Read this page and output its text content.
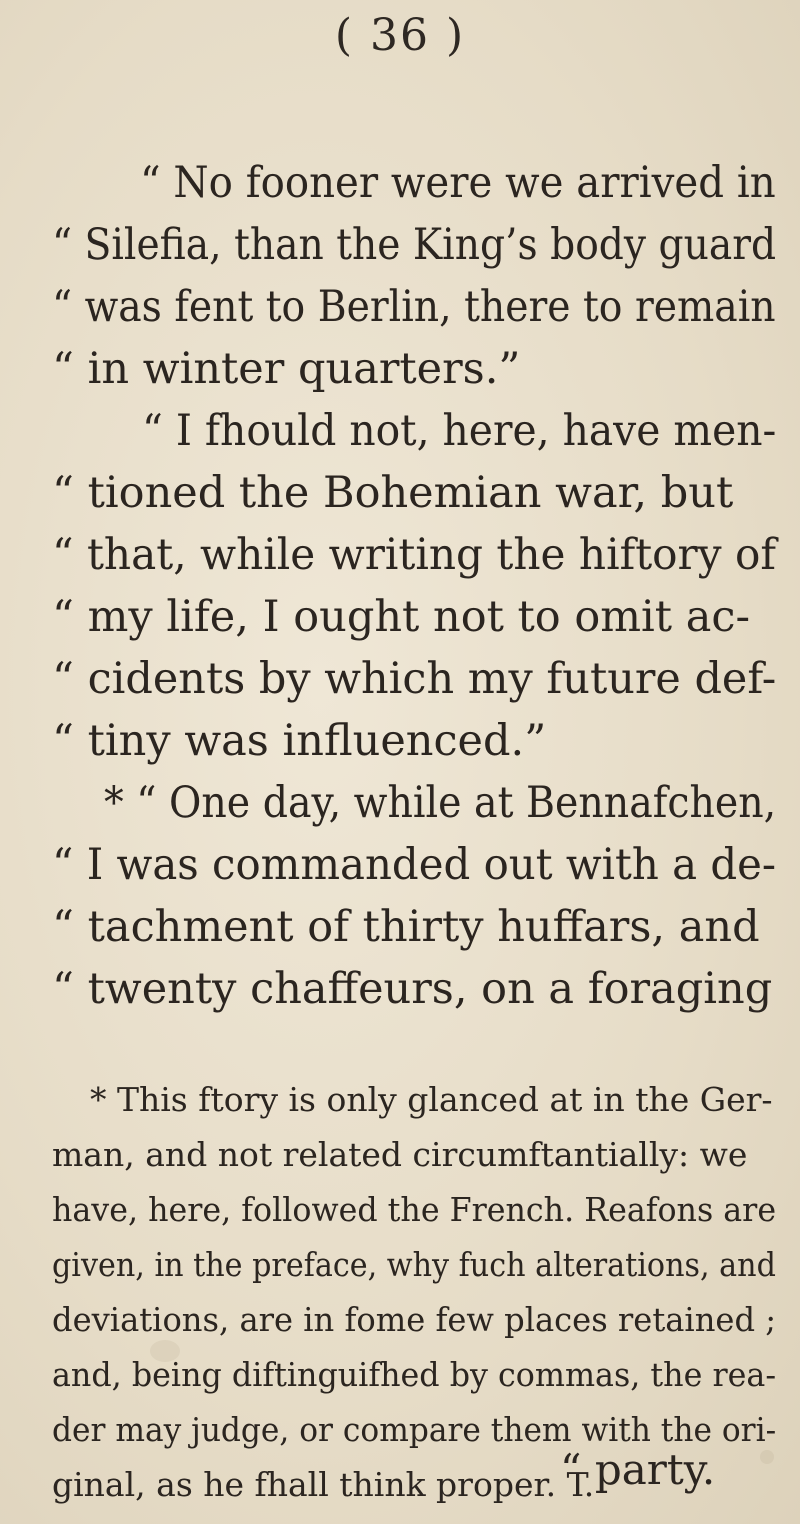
( 36 )
“ No fooner were we arrived in
“ Silefia, than the King’s body guard
“ was fent to Berlin, there to remain
“ in winter quarters.”
“ I fhould not, here, have men-
“ tioned the Bohemian war, but
“ that, while writing the hiftory of
“ my life, I ought not to omit ac-
“ cidents by which my future def-
“ tiny was influenced.”
* “ One day, while at Bennafchen,
“ I was commanded out with a de-
“ tachment of thirty huffars, and
“ twenty chaffeurs, on a foraging
* This ftory is only glanced at in the Ger-
man, and not related circumftantially: we
have, here, followed the French. Reafons are
given, in the preface, why fuch alterations, and
deviations, are in fome few places retained ;
and, being diftinguifhed by commas, the rea-
der may judge, or compare them with the ori-
ginal, as he fhall think proper. T.
“ party.
